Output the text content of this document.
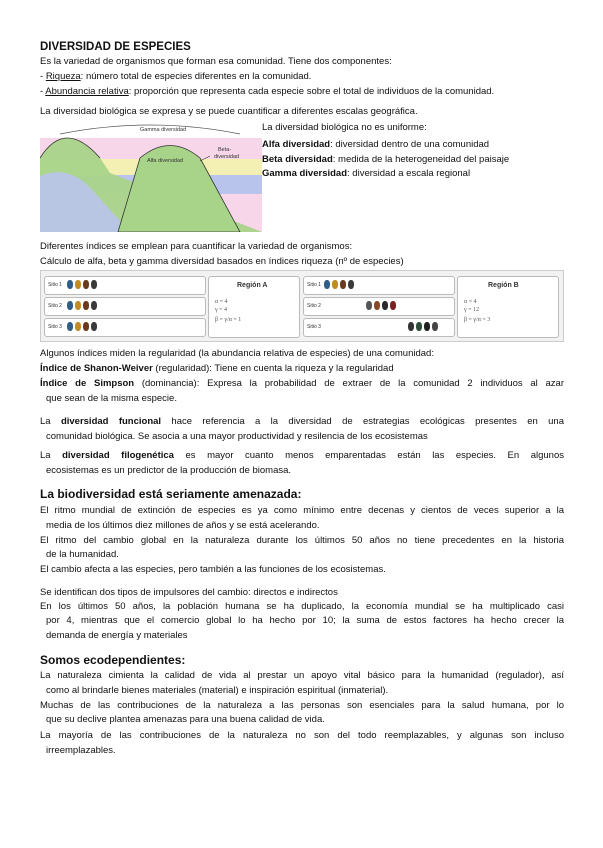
DIVERSIDAD DE ESPECIES
Es la variedad de organismos que forman esa comunidad. Tiene dos componentes:
- Riqueza: número total de especies diferentes en la comunidad.
- Abundancia relativa: proporción que representa cada especie sobre el total de individuos de la comunidad.
La diversidad biológica se expresa y se puede cuantificar a diferentes escalas geográfica.
Gamma diversidad
Alfa diversidad
Beta-
diversidad
La diversidad biológica no es uniforme:
Alfa diversidad: diversidad dentro de una comunidad
Beta diversidad: medida de la heterogeneidad del paisaje
Gamma diversidad: diversidad a escala regional
Diferentes índices se emplean para cuantificar la variedad de organismos:
Cálculo de alfa, beta y gamma diversidad basados en índices riqueza (nº de especies)
Sitio 1
Sitio 2
Sitio 3
Región A
α = 4
γ = 4
β = γ/α = 1
Sitio 1
Sitio 2
Sitio 3
Región B
α = 4
γ = 12
β = γ/α = 3
Algunos índices miden la regularidad (la abundancia relativa de especies) de una comunidad:
Índice de Shanon-Weiver (regularidad): Tiene en cuenta la riqueza y la regularidad
Índice de Simpson (dominancia): Expresa la probabilidad de extraer de la comunidad 2 individuos al azar
que sean de la misma especie.
La diversidad funcional hace referencia a la diversidad de estrategias ecológicas presentes en una
comunidad biológica. Se asocia a una mayor productividad y resilencia de los ecosistemas
La diversidad filogenética es mayor cuanto menos emparentadas están las especies. En algunos
ecosistemas es un predictor de la producción de biomasa.
La biodiversidad está seriamente amenazada:
El ritmo mundial de extinción de especies es ya como mínimo entre decenas y cientos de veces superior a la
media de los últimos diez millones de años y se está acelerando.
El ritmo del cambio global en la naturaleza durante los últimos 50 años no tiene precedentes en la historia
de la humanidad.
El cambio afecta a las especies, pero también a las funciones de los ecosistemas.
Se identifican dos tipos de impulsores del cambio: directos e indirectos
En los últimos 50 años, la población humana se ha duplicado, la economía mundial se ha multiplicado casi
por 4, mientras que el comercio global lo ha hecho por 10; la suma de estos factores ha hecho crecer la
demanda de energía y materiales
Somos ecodependientes:
La naturaleza cimienta la calidad de vida al prestar un apoyo vital básico para la humanidad (regulador), así
como al brindarle bienes materiales (material) e inspiración espiritual (inmaterial).
Muchas de las contribuciones de la naturaleza a las personas son esenciales para la salud humana, por lo
que su declive plantea amenazas para una buena calidad de vida.
La mayoría de las contribuciones de la naturaleza no son del todo reemplazables, y algunas son incluso
irreemplazables.
